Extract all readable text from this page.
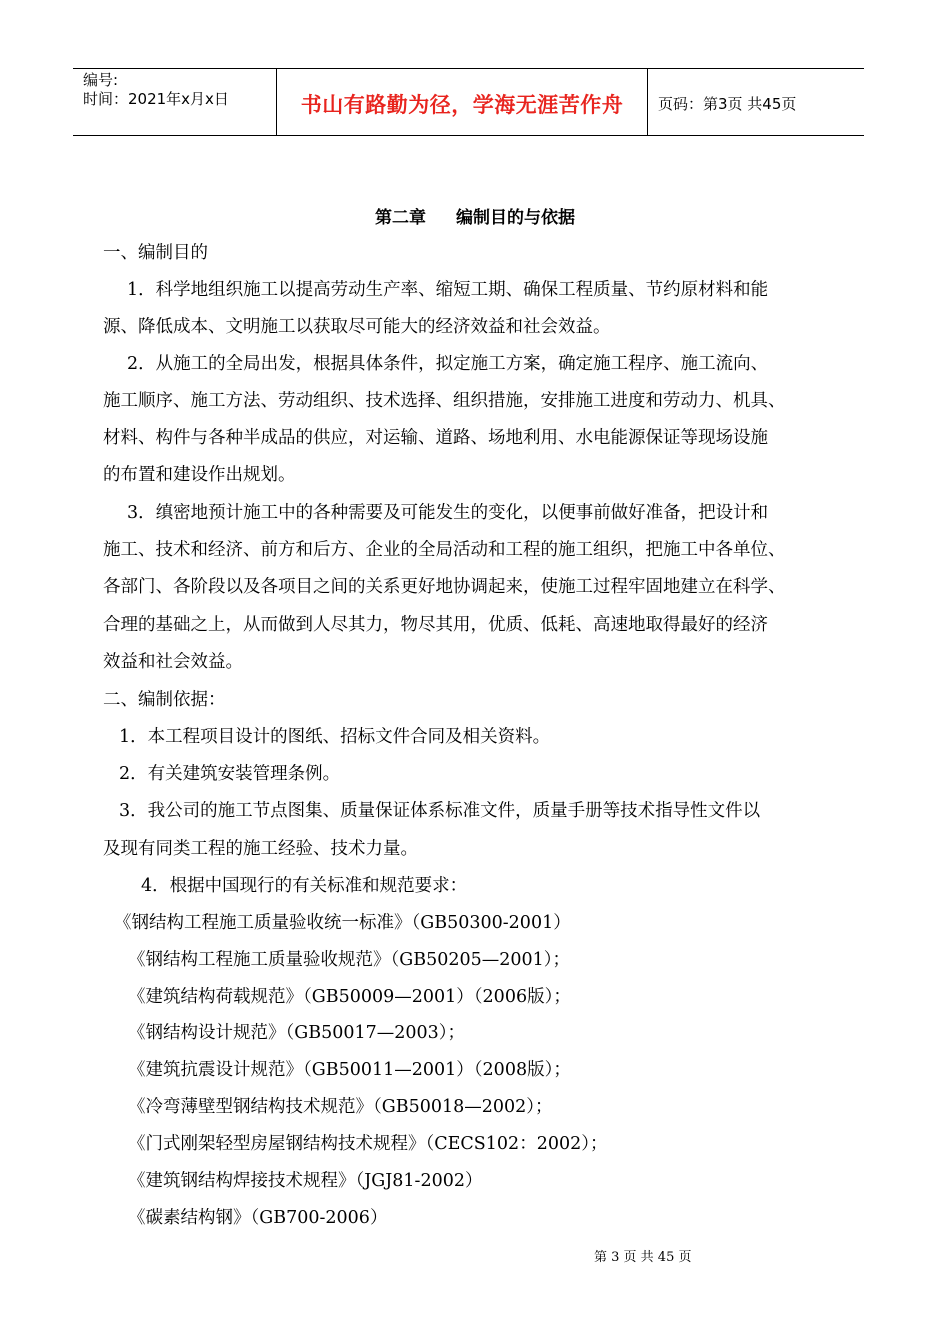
编号:
时间：2021年x月x日	书山有路勤为径，学海无涯苦作舟	页码：第3页 共45页
第二章 编制目的与依据
一、编制目的
1．科学地组织施工以提高劳动生产率、缩短工期、确保工程质量、节约原材料和能
源、降低成本、文明施工以获取尽可能大的经济效益和社会效益。
2．从施工的全局出发，根据具体条件，拟定施工方案，确定施工程序、施工流向、
施工顺序、施工方法、劳动组织、技术选择、组织措施，安排施工进度和劳动力、机具、
材料、构件与各种半成品的供应，对运输、道路、场地利用、水电能源保证等现场设施
的布置和建设作出规划。
3．缜密地预计施工中的各种需要及可能发生的变化，以便事前做好准备，把设计和
施工、技术和经济、前方和后方、企业的全局活动和工程的施工组织，把施工中各单位、
各部门、各阶段以及各项目之间的关系更好地协调起来，使施工过程牢固地建立在科学、
合理的基础之上，从而做到人尽其力，物尽其用，优质、低耗、高速地取得最好的经济
效益和社会效益。
二、编制依据：
1．本工程项目设计的图纸、招标文件合同及相关资料。
2．有关建筑安装管理条例。
3．我公司的施工节点图集、质量保证体系标准文件，质量手册等技术指导性文件以
及现有同类工程的施工经验、技术力量。
4．根据中国现行的有关标准和规范要求：
《钢结构工程施工质量验收统一标准》（GB50300-2001）
《钢结构工程施工质量验收规范》（GB50205—2001）；
《建筑结构荷载规范》（GB50009—2001）（2006版）；
《钢结构设计规范》（GB50017—2003）；
《建筑抗震设计规范》（GB50011—2001）（2008版）；
《冷弯薄壁型钢结构技术规范》（GB50018—2002）；
《门式刚架轻型房屋钢结构技术规程》（CECS102：2002）；
《建筑钢结构焊接技术规程》（JGJ81-2002）
《碳素结构钢》（GB700-2006）
第 3 页 共 45 页
